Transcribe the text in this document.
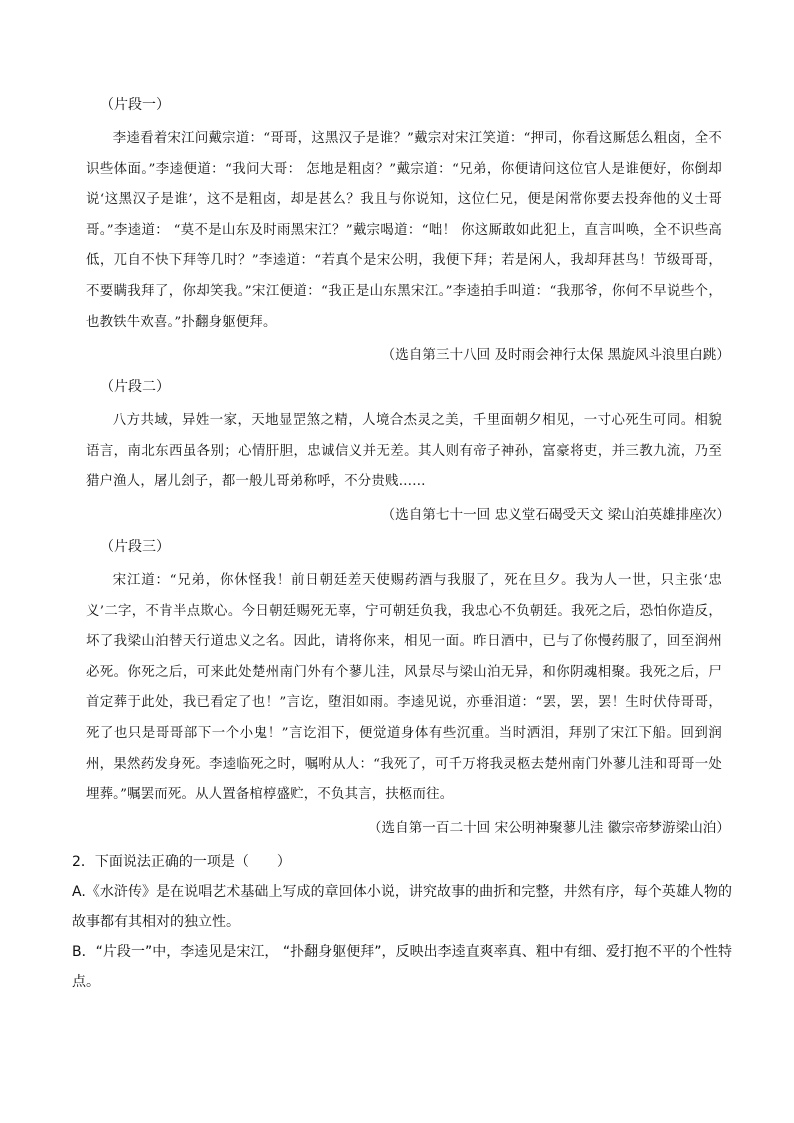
（片段一）

李逵看着宋江问戴宗道：“哥哥，这黑汉子是谁？”戴宗对宋江笑道：“押司，你看这厮恁么粗卤，全不识些体面。”李逵便道：“我问大哥： 怎地是粗卤？”戴宗道：“兄弟，你便请问这位官人是谁便好，你倒却说‘这黑汉子是谁’，这不是粗卤，却是甚么？我且与你说知，这位仁兄，便是闲常你要去投奔他的义士哥哥。”李逵道： “莫不是山东及时雨黑宋江？”戴宗喝道：“咄！ 你这厮敢如此犯上，直言叫唤，全不识些高低，兀自不快下拜等几时？”李逵道：“若真个是宋公明，我便下拜；若是闲人，我却拜甚鸟！节级哥哥，不要瞒我拜了，你却笑我。”宋江便道：“我正是山东黑宋江。”李逵拍手叫道：“我那爷，你何不早说些个，也教铁牛欢喜。”扑翻身躯便拜。

（选自第三十八回 及时雨会神行太保 黑旋风斗浪里白跳）
（片段二）

八方共域，异姓一家，天地显罡煞之精，人境合杰灵之美，千里面朝夕相见，一寸心死生可同。相貌语言，南北东西虽各别；心情肝胆，忠诚信义并无差。其人则有帝子神孙，富豪将吏，并三教九流，乃至猎户渔人，屠儿刽子，都一般儿哥弟称呼，不分贵贱……

（选自第七十一回 忠义堂石碣受天文 梁山泊英雄排座次）
（片段三）

宋江道：“兄弟，你休怪我！前日朝廷差天使赐药酒与我服了，死在旦夕。我为人一世，只主张‘忠义’二字，不肯半点欺心。今日朝廷赐死无辜，宁可朝廷负我，我忠心不负朝廷。我死之后，恐怕你造反，坏了我梁山泊替天行道忠义之名。因此，请将你来，相见一面。昨日酒中，已与了你慢药服了，回至润州必死。你死之后，可来此处楚州南门外有个蓼儿洼，风景尽与梁山泊无异，和你阴魂相聚。我死之后，尸首定葬于此处，我已看定了也！”言讫，堕泪如雨。李逵见说，亦垂泪道：“罢，罢，罢！生时伏侍哥哥，死了也只是哥哥部下一个小鬼！”言讫泪下，便觉道身体有些沉重。当时洒泪，拜别了宋江下船。回到润州，果然药发身死。李逵临死之时，嘱咐从人：“我死了，可千万将我灵柩去楚州南门外蓼儿洼和哥哥一处埋葬。”嘱罢而死。从人置备棺椁盛贮，不负其言，扶柩而往。

（选自第一百二十回 宋公明神聚蓼儿洼 徽宗帝梦游梁山泊）
2．下面说法正确的一项是（　　）
A.《水浒传》是在说唱艺术基础上写成的章回体小说，讲究故事的曲折和完整，井然有序，每个英雄人物的故事都有其相对的独立性。
B．“片段一”中，李逵见是宋江， “扑翻身躯便拜”，反映出李逵直爽率真、粗中有细、爱打抱不平的个性特点。
